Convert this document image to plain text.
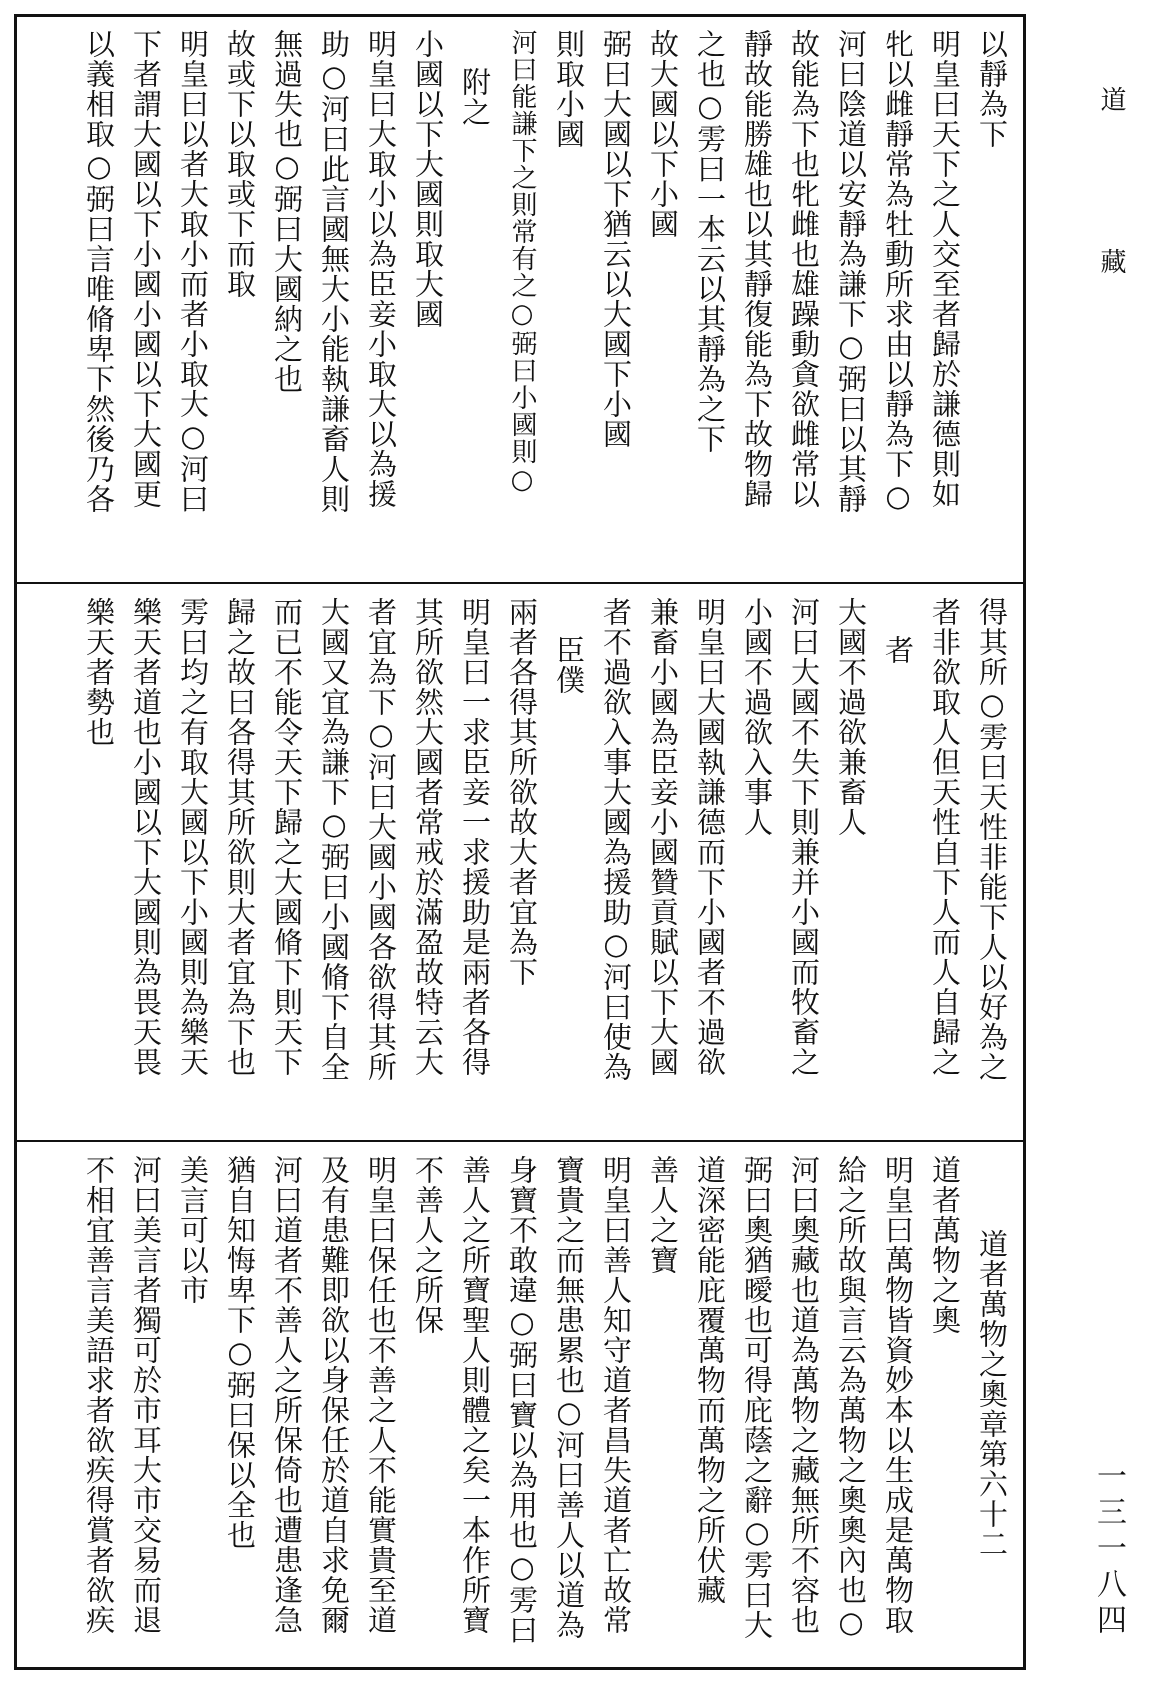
以靜為下
明皇曰天下之人交至者歸於謙德則如
牝以雌靜常為牡動所求由以靜為下○
河曰陰道以安靜為謙下○弼曰以其靜
故能為下也牝雌也雄躁動貪欲雌常以
靜故能勝雄也以其靜復能為下故物歸
之也○雱曰一本云以其靜為之下
故大國以下小國
弼曰大國以下猶云以大國下小國
則取小國
河曰能謙下之則常有之○弼曰小國則○
附之
小國以下大國則取大國
明皇曰大取小以為臣妾小取大以為援
助○河曰此言國無大小能執謙畜人則
無過失也○弼曰大國納之也
故或下以取或下而取
明皇曰以者大取小而者小取大○河曰
下者謂大國以下小國小國以下大國更
以義相取○弼曰言唯脩卑下然後乃各
得其所○雱曰天性非能下人以好為之
者非欲取人但天性自下人而人自歸之
者
大國不過欲兼畜人
河曰大國不失下則兼并小國而牧畜之
小國不過欲入事人
明皇曰大國執謙德而下小國者不過欲
兼畜小國為臣妾小國贊貢賦以下大國
者不過欲入事大國為援助○河曰使為
臣僕
兩者各得其所欲故大者宜為下
明皇曰一求臣妾一求援助是兩者各得
其所欲然大國者常戒於滿盈故特云大
者宜為下○河曰大國小國各欲得其所
大國又宜為謙下○弼曰小國脩下自全
而已不能令天下歸之大國脩下則天下
歸之故曰各得其所欲則大者宜為下也
雱曰均之有取大國以下小國則為樂天
樂天者道也小國以下大國則為畏天畏
樂天者勢也
道者萬物之奧章第六十二
道者萬物之奧
明皇曰萬物皆資妙本以生成是萬物取
給之所故與言云為萬物之奧奧內也○
河曰奧藏也道為萬物之藏無所不容也
弼曰奧猶曖也可得庇蔭之辭○雱曰大
道深密能庇覆萬物而萬物之所伏藏
善人之寶
明皇曰善人知守道者昌失道者亡故常
寶貴之而無患累也○河曰善人以道為
身寶不敢違○弼曰寶以為用也○雱曰
善人之所寶聖人則體之矣一本作所寶
不善人之所保
明皇曰保任也不善之人不能實貴至道
及有患難即欲以身保任於道自求免爾
河曰道者不善人之所保倚也遭患逢急
猶自知悔卑下○弼曰保以全也
美言可以市
河曰美言者獨可於市耳大市交易而退
不相宜善言美語求者欲疾得賞者欲疾
道
藏
一三一八四
